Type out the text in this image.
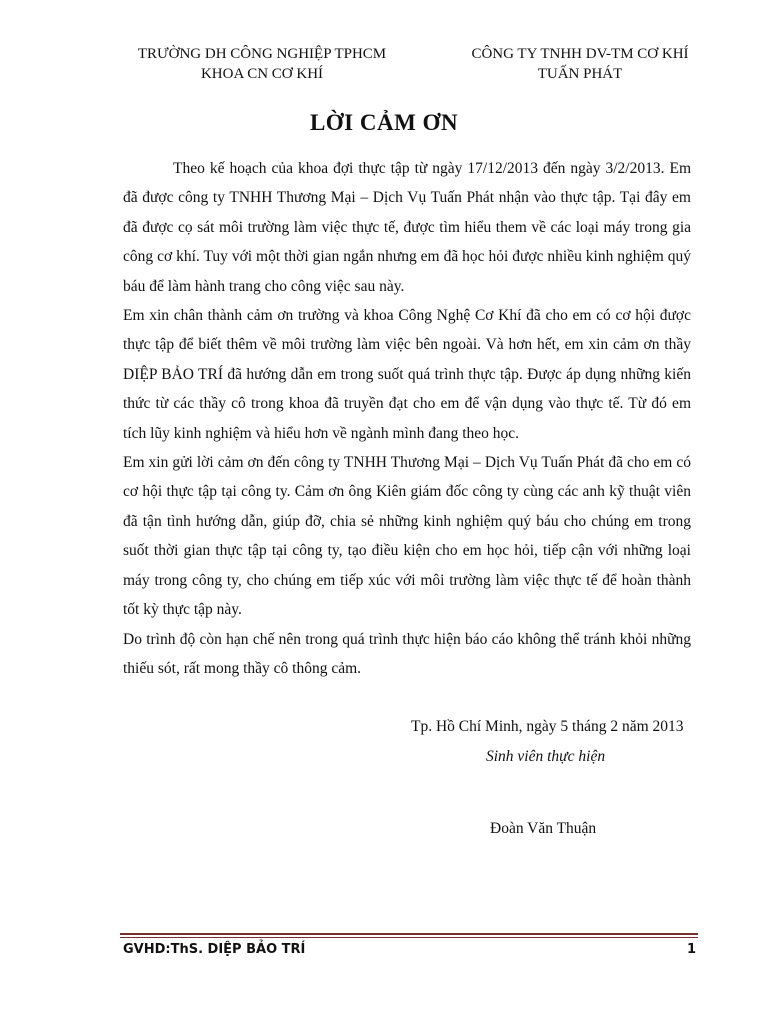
TRƯỜNG DH CÔNG NGHIỆP TPHCM
KHOA CN CƠ KHÍ
CÔNG TY TNHH DV-TM CƠ KHÍ
TUẤN PHÁT
LỜI CẢM ƠN

Theo kế hoạch của khoa đợi thực tập từ ngày 17/12/2013 đến ngày 3/2/2013. Em đã được công ty TNHH Thương Mại – Dịch Vụ Tuấn Phát nhận vào thực tập. Tại đây em đã được cọ sát môi trường làm việc thực tế, được tìm hiểu them về các loại máy trong gia công cơ khí. Tuy với một thời gian ngắn nhưng em đã học hỏi được nhiều kinh nghiệm quý báu để làm hành trang cho công việc sau này.

Em xin chân thành cảm ơn trường và khoa Công Nghệ Cơ Khí đã cho em có cơ hội được thực tập để biết thêm về môi trường làm việc bên ngoài. Và hơn hết, em xin cảm ơn thầy DIỆP BẢO TRÍ đã hướng dẫn em trong suốt quá trình thực tập. Được áp dụng những kiến thức từ các thầy cô trong khoa đã truyền đạt cho em để vận dụng vào thực tế. Từ đó em tích lũy kinh nghiệm và hiểu hơn về ngành mình đang theo học.

Em xin gửi lời cảm ơn đến công ty TNHH Thương Mại – Dịch Vụ Tuấn Phát đã cho em có cơ hội thực tập tại công ty. Cảm ơn ông Kiên giám đốc công ty cùng các anh kỹ thuật viên đã tận tình hướng dẫn, giúp đỡ, chia sẻ những kinh nghiệm quý báu cho chúng em trong suốt thời gian thực tập tại công ty, tạo điều kiện cho em học hỏi, tiếp cận với những loại máy trong công ty, cho chúng em tiếp xúc với môi trường làm việc thực tế để hoàn thành tốt kỳ thực tập này.

Do trình độ còn hạn chế nên trong quá trình thực hiện báo cáo không thể tránh khỏi những thiếu sót, rất mong thầy cô thông cảm.

Tp. Hồ Chí Minh, ngày 5 tháng 2 năm 2013
Sinh viên thực hiện
Đoàn Văn Thuận
GVHD:ThS. DIỆP BẢO TRÍ	1
